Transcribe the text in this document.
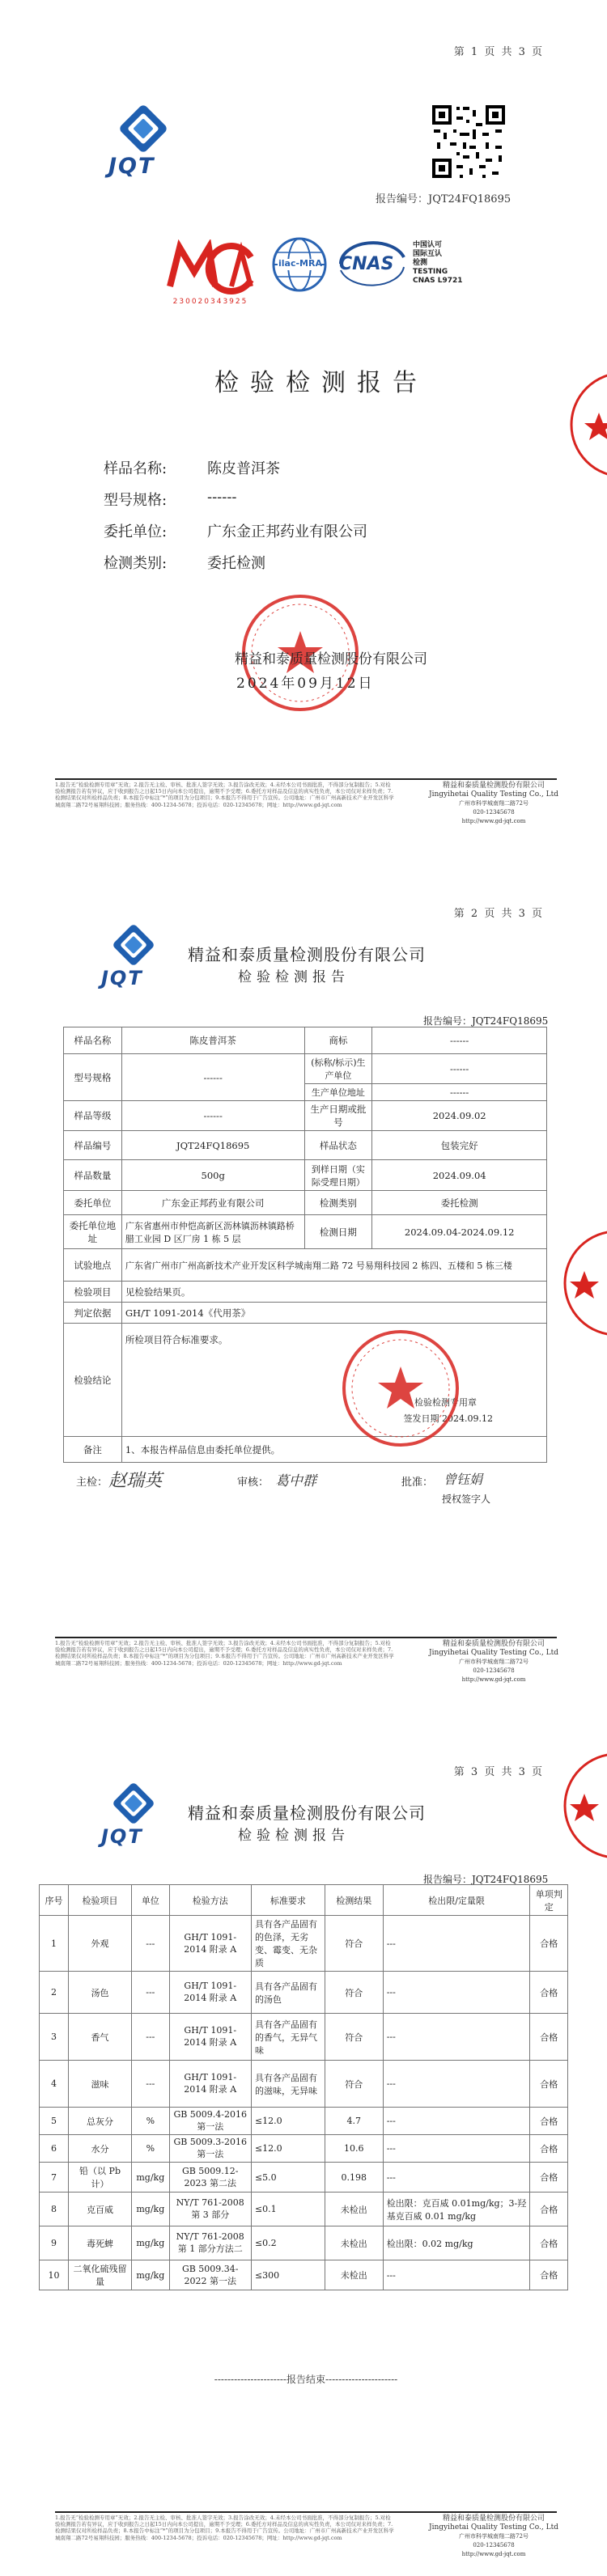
第 1 页 共 3 页
JQT
报告编号：JQT24FQ18695
230020343925
ilac-MRA CNAS
中国认可
国际互认
检测
TESTING
CNAS L9721
检验检测报告
样品名称:	陈皮普洱茶
型号规格:	------
委托单位:	广东金正邦药业有限公司
检测类别:	委托检测
精益和泰质量检测股份有限公司
2024年09月12日
1.报告无“检验检测专用章”无效；2.报告无主检、审核、批准人签字无效；3.报告涂改无效；4.未经本公司书面批准，不得部分复制报告；5.对检验检测报告若有异议，应于收到报告之日起15日内向本公司提出，逾期不予受理；6.委托方对样品及信息的真实性负责，本公司仅对来样负责；7.检测结果仅对所检样品负责；8.本报告中标注“*”的项目为分包项目；9.本报告不得用于广告宣传。公司地址：广州市广州高新技术产业开发区科学城南翔二路72号易翔科技园；服务热线：400-1234-5678；投诉电话：020-12345678；网址：http://www.gd-jqt.com
精益和泰质量检测股份有限公司
Jingyihetai Quality Testing Co., Ltd
广州市科学城南翔二路72号
020-12345678
http://www.gd-jqt.com
第 2 页 共 3 页
JQT
精益和泰质量检测股份有限公司
检验检测报告
报告编号：JQT24FQ18695
样品名称	陈皮普洱茶	商标	------
型号规格	------	(标称/标示)生产单位	------
		生产单位地址	------
样品等级	------	生产日期或批号	2024.09.02
样品编号	JQT24FQ18695	样品状态	包装完好
样品数量	500g	到样日期（实际受理日期）	2024.09.04
委托单位	广东金正邦药业有限公司	检测类别	委托检测
委托单位地址	广东省惠州市仲恺高新区沥林镇沥林镇路桥腊工业园 D 区厂房 1 栋 5 层	检测日期	2024.09.04-2024.09.12
试验地点	广东省广州市广州高新技术产业开发区科学城南翔二路 72 号易翔科技园 2 栋四、五楼和 5 栋三楼		
检验项目	见检验结果页。		
判定依据	GH/T 1091-2014《代用茶》		
检验结论	所检项目符合标准要求。
检验检测专用章
签发日期 2024.09.12		

备注	1、本报告样品信息由委托单位提供。		
主检： 赵瑞英	审核： 葛中群	批准： 曾钰娟
授权签字人
1.报告无“检验检测专用章”无效；2.报告无主检、审核、批准人签字无效；3.报告涂改无效；4.未经本公司书面批准，不得部分复制报告；5.对检验检测报告若有异议，应于收到报告之日起15日内向本公司提出，逾期不予受理；6.委托方对样品及信息的真实性负责，本公司仅对来样负责；7.检测结果仅对所检样品负责；8.本报告中标注“*”的项目为分包项目；9.本报告不得用于广告宣传。公司地址：广州市广州高新技术产业开发区科学城南翔二路72号易翔科技园；服务热线：400-1234-5678；投诉电话：020-12345678；网址：http://www.gd-jqt.com
精益和泰质量检测股份有限公司
Jingyihetai Quality Testing Co., Ltd
广州市科学城南翔二路72号
020-12345678
http://www.gd-jqt.com
第 3 页 共 3 页
JQT
精益和泰质量检测股份有限公司
检验检测报告
报告编号：JQT24FQ18695
序号	检验项目	单位	检验方法	标准要求	检测结果	检出限/定量限	单项判定
1	外观	---	GH/T 1091-2014 附录 A	具有各产品固有的色泽，无劣变、霉变、无杂质	符合	---	合格
2	汤色	---	GH/T 1091-2014 附录 A	具有各产品固有的汤色	符合	---	合格
3	香气	---	GH/T 1091-2014 附录 A	具有各产品固有的香气，无异气味	符合	---	合格
4	滋味	---	GH/T 1091-2014 附录 A	具有各产品固有的滋味，无异味	符合	---	合格
5	总灰分	%	GB 5009.4-2016 第一法	≤12.0	4.7	---	合格
6	水分	%	GB 5009.3-2016 第一法	≤12.0	10.6	---	合格
7	铅（以 Pb 计）	mg/kg	GB 5009.12-2023 第二法	≤5.0	0.198	---	合格
8	克百威	mg/kg	NY/T 761-2008 第 3 部分	≤0.1	未检出	检出限：克百威 0.01mg/kg；3-羟基克百威 0.01 mg/kg	合格
9	毒死蜱	mg/kg	NY/T 761-2008 第 1 部分方法二	≤0.2	未检出	检出限：0.02 mg/kg	合格
10	二氧化硫残留量	mg/kg	GB 5009.34-2022 第一法	≤300	未检出	---	合格
----------------------报告结束----------------------
1.报告无“检验检测专用章”无效；2.报告无主检、审核、批准人签字无效；3.报告涂改无效；4.未经本公司书面批准，不得部分复制报告；5.对检验检测报告若有异议，应于收到报告之日起15日内向本公司提出，逾期不予受理；6.委托方对样品及信息的真实性负责，本公司仅对来样负责；7.检测结果仅对所检样品负责；8.本报告中标注“*”的项目为分包项目；9.本报告不得用于广告宣传。公司地址：广州市广州高新技术产业开发区科学城南翔二路72号易翔科技园；服务热线：400-1234-5678；投诉电话：020-12345678；网址：http://www.gd-jqt.com
精益和泰质量检测股份有限公司
Jingyihetai Quality Testing Co., Ltd
广州市科学城南翔二路72号
020-12345678
http://www.gd-jqt.com
